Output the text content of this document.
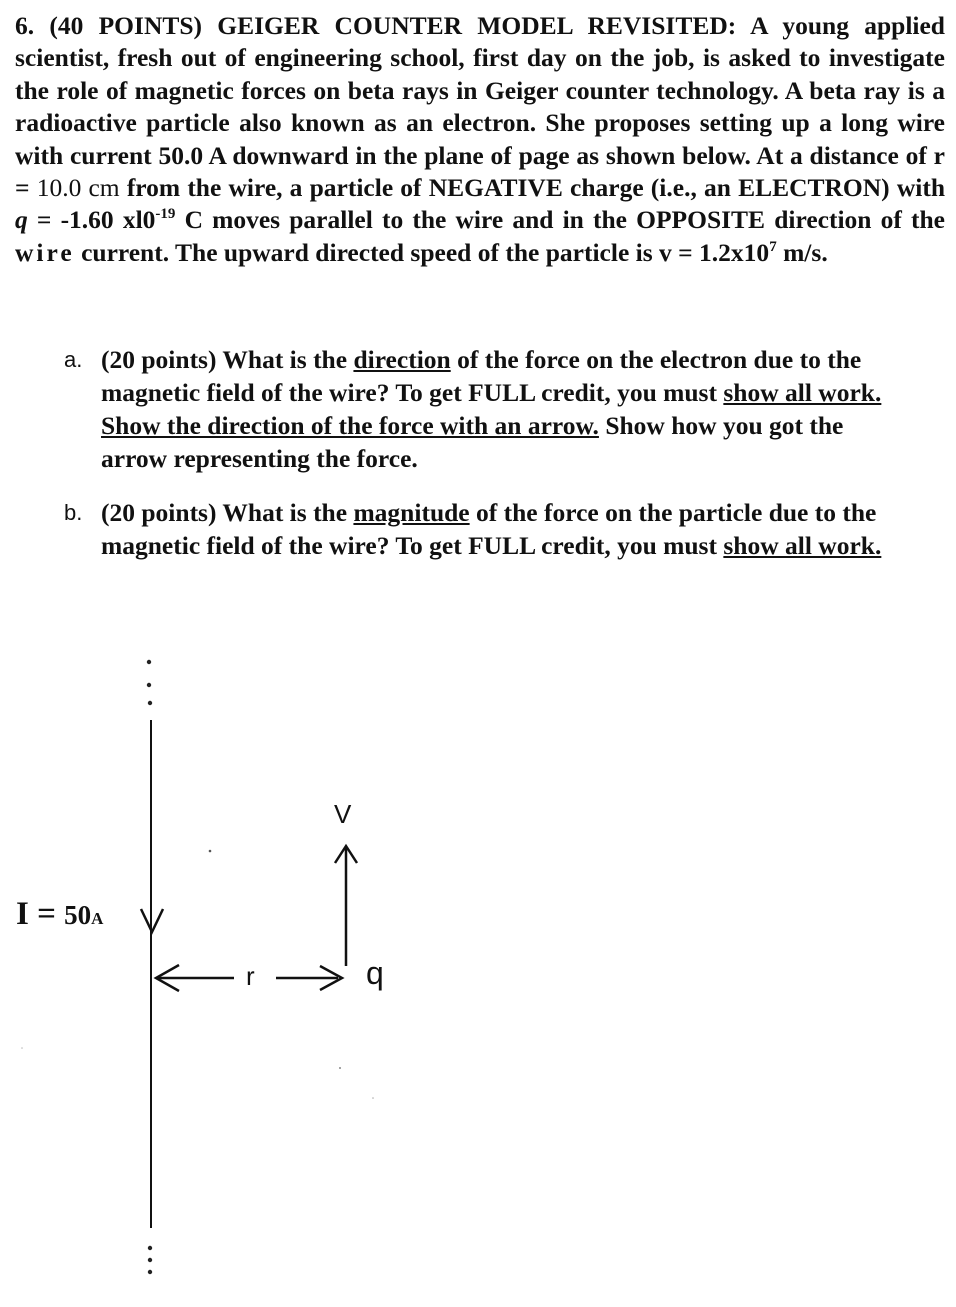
6. (40 POINTS) GEIGER COUNTER MODEL REVISITED: A young applied scientist, fresh out of engineering school, first day on the job, is asked to investigate the role of magnetic forces on beta rays in Geiger counter technology. A beta ray is a radioactive particle also known as an electron. She proposes setting up a long wire with current 50.0 A downward in the plane of page as shown below. At a distance of r = 10.0 cm from the wire, a particle of NEGATIVE charge (i.e., an ELECTRON) with q = -1.60 $xl0^{-19}$ C moves parallel to the wire and in the OPPOSITE direction of the wire current. The upward directed speed of the particle is $v = 1.2x10^7$ m/s.
a. (20 points) What is the direction of the force on the electron due to the magnetic field of the wire? To get FULL credit, you must show all work. Show the direction of the force with an arrow. Show how you got the arrow representing the force.
b. (20 points) What is the magnitude of the force on the particle due to the magnetic field of the wire? To get FULL credit, you must show all work.
I = 50A
V
r	q
